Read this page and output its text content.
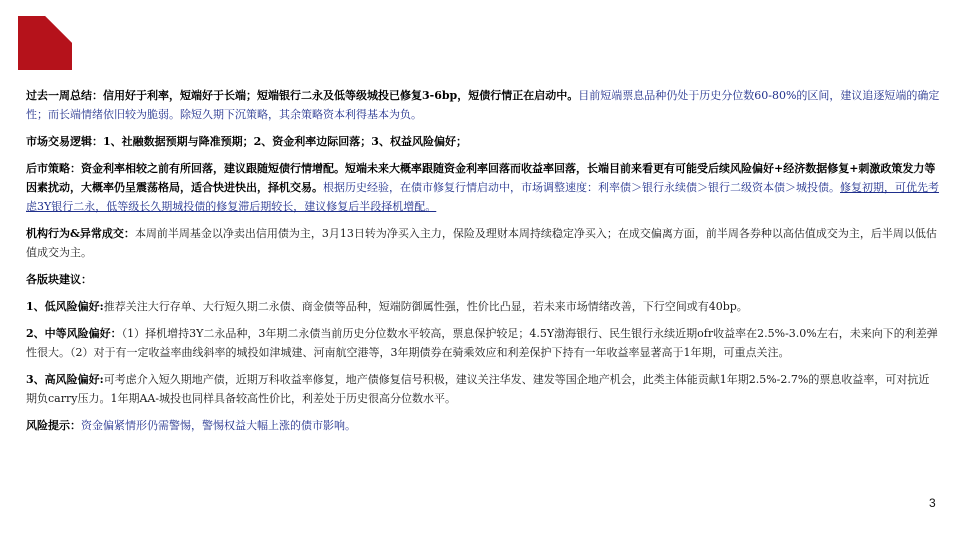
过去一周总结：信用好于利率，短端好于长端；短端银行二永及低等级城投已修复3-6bp，短债行情正在启动中。目前短端票息品种仍处于历史分位数60-80%的区间，建议追逐短端的确定性；而长端情绪依旧较为脆弱。除短久期下沉策略，其余策略资本利得基本为负。

市场交易逻辑：1、社融数据预期与降准预期；2、资金利率边际回落；3、权益风险偏好；

后市策略：资金利率相较之前有所回落，建议跟随短债行情增配。短端未来大概率跟随资金利率回落而收益率回落，长端目前来看更有可能受后续风险偏好+经济数据修复+刺激政策发力等因素扰动，大概率仍呈震荡格局，适合快进快出，择机交易。根据历史经验，在债市修复行情启动中，市场调整速度：利率债＞银行永续债＞银行二级资本债＞城投债。修复初期，可优先考虑3Y银行二永，低等级长久期城投债的修复滞后期较长，建议修复后半段择机增配。

机构行为&异常成交：本周前半周基金以净卖出信用债为主，3月13日转为净买入主力，保险及理财本周持续稳定净买入；在成交偏离方面，前半周各券种以高估值成交为主，后半周以低估值成交为主。

各版块建议：

1、低风险偏好:推荐关注大行存单、大行短久期二永债、商金债等品种，短端防御属性强，性价比凸显，若未来市场情绪改善，下行空间或有40bp。

2、中等风险偏好：（1）择机增持3Y二永品种，3年期二永债当前历史分位数水平较高，票息保护较足；4.5Y渤海银行、民生银行永续近期ofr收益率在2.5%-3.0%左右，未来向下的利差弹性很大。（2）对于有一定收益率曲线斜率的城投如津城建、河南航空港等，3年期债券在骑乘效应和利差保护下持有一年收益率显著高于1年期，可重点关注。

3、高风险偏好:可考虑介入短久期地产债，近期万科收益率修复，地产债修复信号积极，建议关注华发、建发等国企地产机会，此类主体能贡献1年期2.5%-2.7%的票息收益率，可对抗近期负carry压力。1年期AA-城投也同样具备较高性价比，利差处于历史很高分位数水平。

风险提示：资金偏紧情形仍需警惕，警惕权益大幅上涨的债市影响。

3
